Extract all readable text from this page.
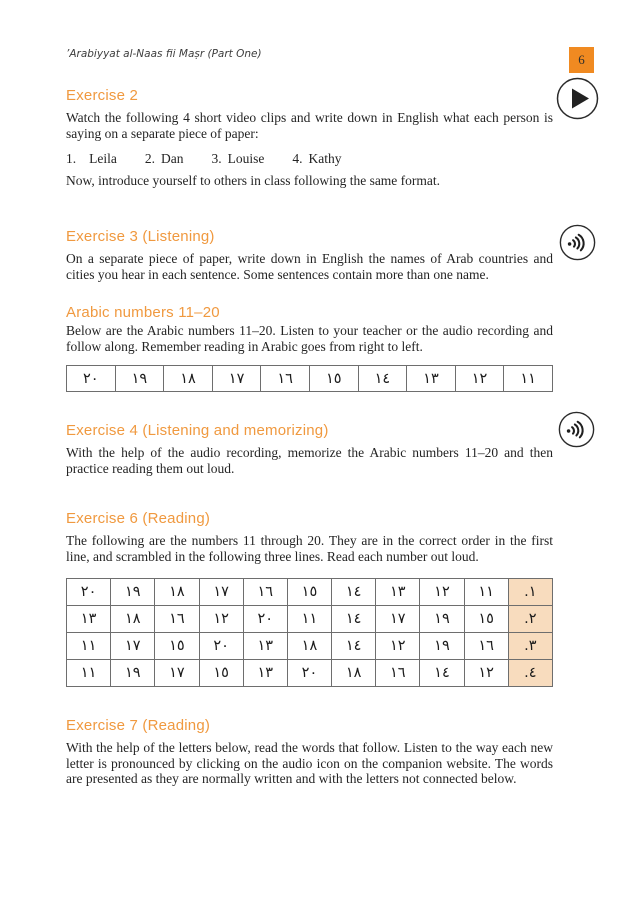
6
’Arabiyyat al-Naas fii Maṣr (Part One)
Exercise 2

Watch the following 4 short video clips and write down in English what each person is saying on a separate piece of paper:

1. Leila 2. Dan 3. Louise 4. Kathy

Now, introduce yourself to others in class following the same format.

Exercise 3 (Listening)

On a separate piece of paper, write down in English the names of Arab countries and cities you hear in each sentence. Some sentences contain more than one name.

Arabic numbers 11–20

Below are the Arabic numbers 11–20. Listen to your teacher or the audio recording and follow along. Remember reading in Arabic goes from right to left.

٢٠	١٩	١٨	١٧	١٦	١٥	١٤	١٣	١٢	١١
Exercise 4 (Listening and memorizing)

With the help of the audio recording, memorize the Arabic numbers 11–20 and then practice reading them out loud.

Exercise 6 (Reading)

The following are the numbers 11 through 20. They are in the correct order in the first line, and scrambled in the following three lines. Read each number out loud.

٢٠	١٩	١٨	١٧	١٦	١٥	١٤	١٣	١٢	١١	١.
١٣	١٨	١٦	١٢	٢٠	١١	١٤	١٧	١٩	١٥	٢.
١١	١٧	١٥	٢٠	١٣	١٨	١٤	١٢	١٩	١٦	٣.
١١	١٩	١٧	١٥	١٣	٢٠	١٨	١٦	١٤	١٢	٤.
Exercise 7 (Reading)

With the help of the letters below, read the words that follow. Listen to the way each new letter is pronounced by clicking on the audio icon on the companion website. The words are presented as they are normally written and with the letters not connected below.
